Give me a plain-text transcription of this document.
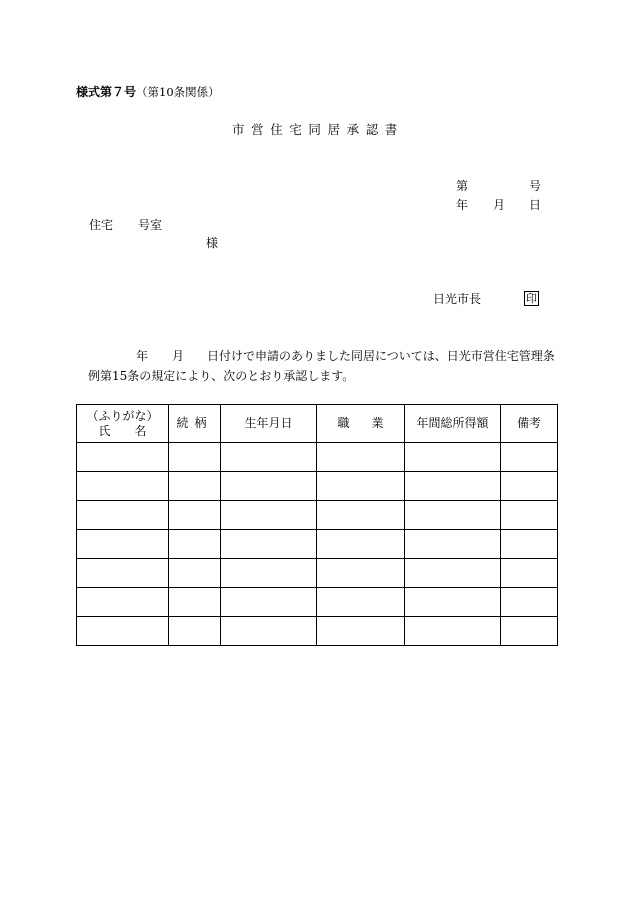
様式第７号（第10条関係）
市営住宅同居承認書
第	号
年 月 日
住宅 号室
様
日光市長	印
年 月 日付けで申請のありました同居については、日光市営住宅管理条
例第15条の規定により、次のとおり承認します。
（ふりがな）
氏　　名	続柄	生年月日	職業	年間総所得額	備考
